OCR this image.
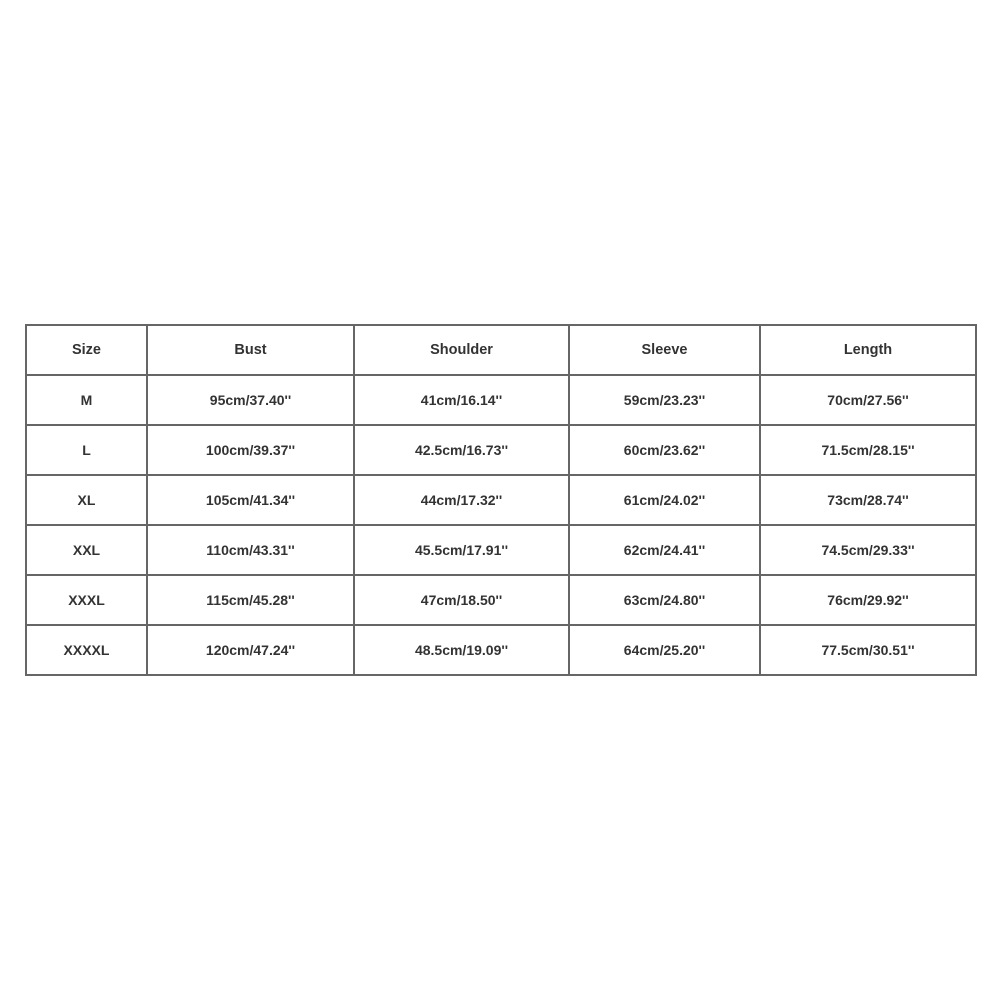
Size	Bust	Shoulder	Sleeve	Length
M	95cm/37.40''	41cm/16.14''	59cm/23.23''	70cm/27.56''
L	100cm/39.37''	42.5cm/16.73''	60cm/23.62''	71.5cm/28.15''
XL	105cm/41.34''	44cm/17.32''	61cm/24.02''	73cm/28.74''
XXL	110cm/43.31''	45.5cm/17.91''	62cm/24.41''	74.5cm/29.33''
XXXL	115cm/45.28''	47cm/18.50''	63cm/24.80''	76cm/29.92''
XXXXL	120cm/47.24''	48.5cm/19.09''	64cm/25.20''	77.5cm/30.51''
